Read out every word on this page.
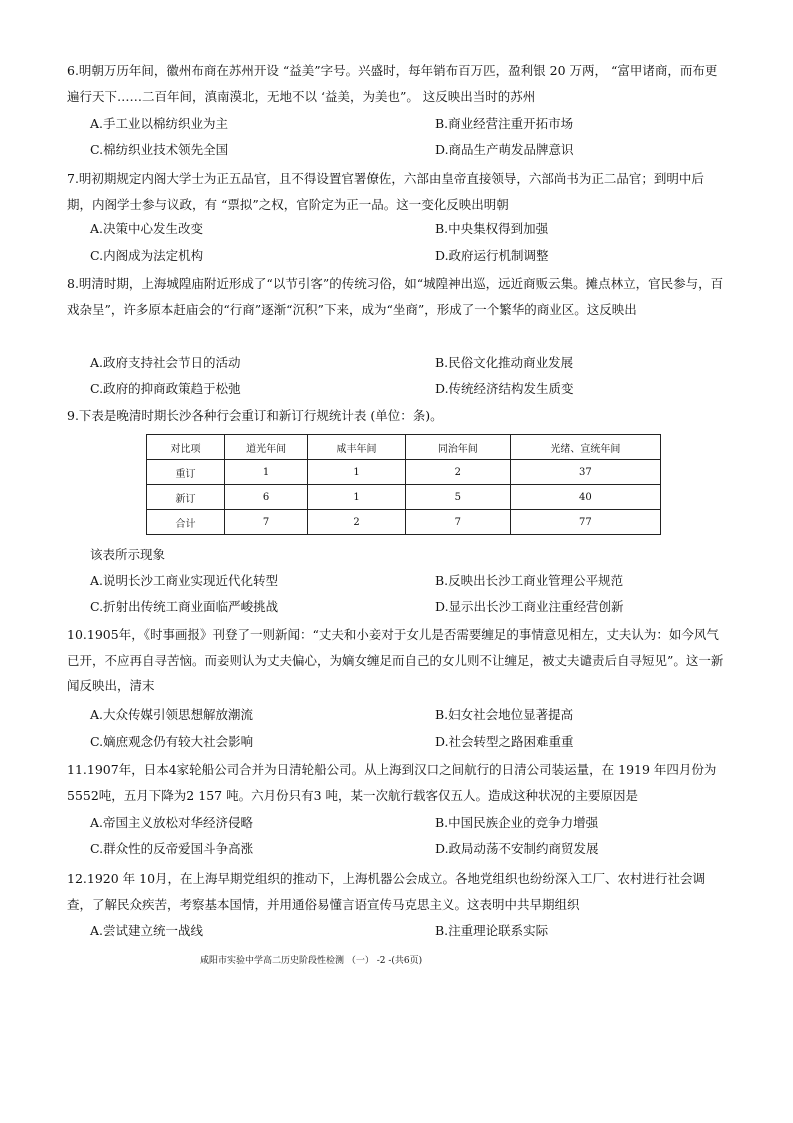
6.明朝万历年间，徽州布商在苏州开设 “益美”字号。兴盛时，每年销布百万匹，盈利银 20 万两， “富甲诸商，而布更遍行天下……二百年间，滇南漠北，无地不以 ‘益美，为美也”。 这反映出当时的苏州
A.手工业以棉纺织业为主	B.商业经营注重开拓市场
C.棉纺织业技术领先全国	D.商品生产萌发品牌意识
7.明初期规定内阁大学士为正五品官，且不得设置官署僚佐，六部由皇帝直接领导，六部尚书为正二品官；到明中后期，内阁学士参与议政，有 “票拟”之权，官阶定为正一品。这一变化反映出明朝
A.决策中心发生改变	B.中央集权得到加强
C.内阁成为法定机构	D.政府运行机制调整
8.明清时期，上海城隍庙附近形成了“以节引客”的传统习俗，如“城隍神出巡，远近商贩云集。摊点林立，官民参与，百戏杂呈”，许多原本赶庙会的“行商”逐渐“沉积”下来，成为“坐商”，形成了一个繁华的商业区。这反映出
A.政府支持社会节日的活动	B.民俗文化推动商业发展
C.政府的抑商政策趋于松弛	D.传统经济结构发生质变
9.下表是晚清时期长沙各种行会重订和新订行规统计表 (单位：条)。
对比项	道光年间	咸丰年间	同治年间	光绪、宣统年间
重订	1	1	2	37
新订	6	1	5	40
合计	7	2	7	77
该表所示现象
A.说明长沙工商业实现近代化转型	B.反映出长沙工商业管理公平规范
C.折射出传统工商业面临严峻挑战	D.显示出长沙工商业注重经营创新
10.1905年，《时事画报》刊登了一则新闻：“丈夫和小妾对于女儿是否需要缠足的事情意见相左，丈夫认为：如今风气已开，不应再自寻苦恼。而妾则认为丈夫偏心，为嫡女缠足而自己的女儿则不让缠足，被丈夫谴责后自寻短见”。这一新闻反映出，清末
A.大众传媒引领思想解放潮流	B.妇女社会地位显著提高
C.嫡庶观念仍有较大社会影响	D.社会转型之路困难重重
11.1907年，日本4家轮船公司合并为日清轮船公司。从上海到汉口之间航行的日清公司装运量，在 1919 年四月份为5552吨，五月下降为2 157 吨。六月份只有3 吨，某一次航行载客仅五人。造成这种状况的主要原因是
A.帝国主义放松对华经济侵略	B.中国民族企业的竞争力增强
C.群众性的反帝爱国斗争高涨	D.政局动荡不安制约商贸发展
12.1920 年 10月，在上海早期党组织的推动下，上海机器公会成立。各地党组织也纷纷深入工厂、农村进行社会调查，了解民众疾苦，考察基本国情，并用通俗易懂言语宣传马克思主义。这表明中共早期组织
A.尝试建立统一战线	B.注重理论联系实际
咸阳市实验中学高二历史阶段性检测 （一） -2 -(共6页)
